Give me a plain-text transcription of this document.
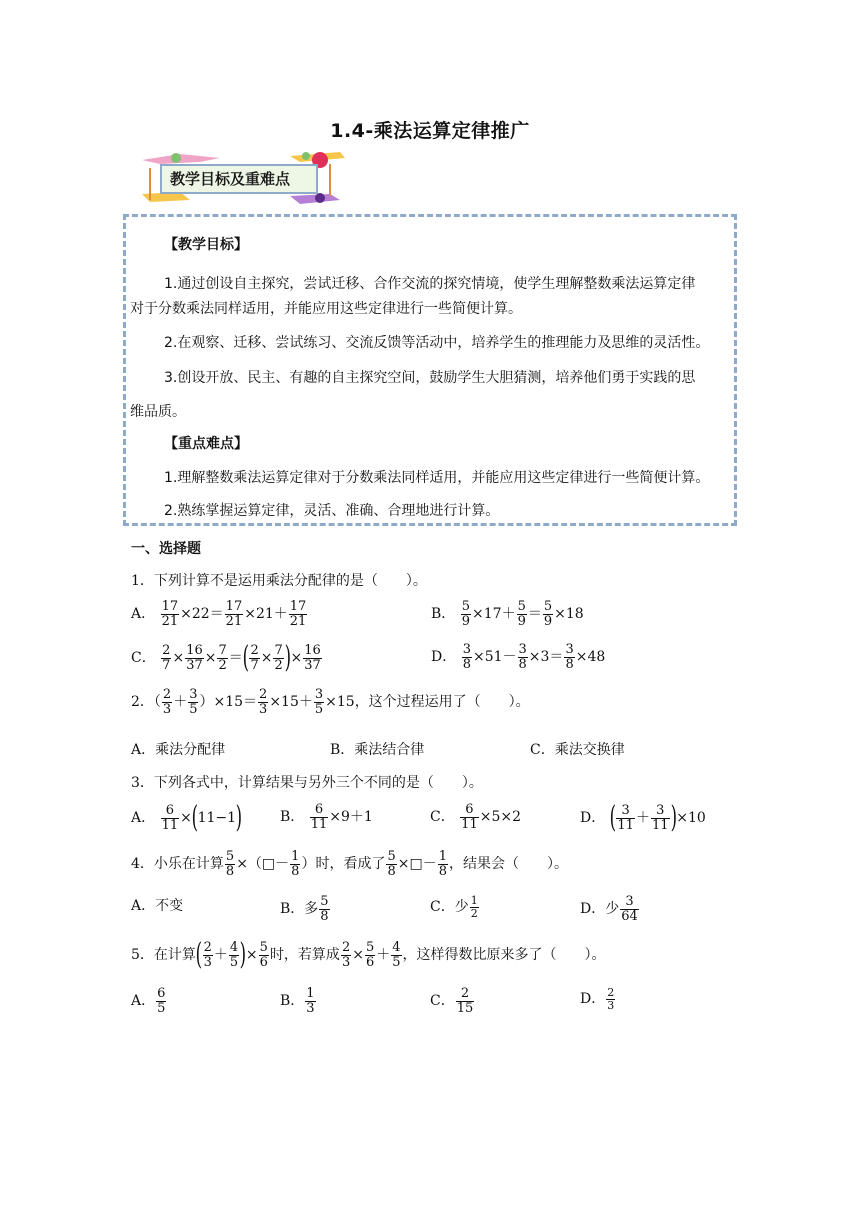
1.4-乘法运算定律推广
教学目标及重难点
【教学目标】
1.通过创设自主探究，尝试迁移、合作交流的探究情境，使学生理解整数乘法运算定律
对于分数乘法同样适用，并能应用这些定律进行一些简便计算。
2.在观察、迁移、尝试练习、交流反馈等活动中，培养学生的推理能力及思维的灵活性。
3.创设开放、民主、有趣的自主探究空间，鼓励学生大胆猜测，培养他们勇于实践的思
维品质。
【重点难点】
1.理解整数乘法运算定律对于分数乘法同样适用，并能应用这些定律进行一些简便计算。
2.熟练掌握运算定律，灵活、准确、合理地进行计算。
一、选择题
1．下列计算不是运用乘法分配律的是（　　）。
A． $\frac{17}{21} \times 22= \frac{17}{21} \times 21+ \frac{17}{21}$	B． $\frac{5}{9} \times 17+ \frac{5}{9} = \frac{5}{9} \times 18$
C． $\frac{2}{7} \times \frac{16}{37} \times \frac{7}{2}$ ＝( $\frac{2}{7} \times \frac{7}{2}$ )× $\frac{16}{37}$	D． $\frac{3}{8} \times 51- \frac{3}{8} \times 3= \frac{3}{8} \times 48$
2．（ $\frac{2}{3} + \frac{3}{5} )\times 15= \frac{2}{3} \times 15+ \frac{3}{5} \times 15$，这个过程运用了（　　）。
A．乘法分配律	B．乘法结合律	C．乘法交换律
3．下列各式中，计算结果与另外三个不同的是（　　）。
A． $\frac{6}{11} \times(11-1)$	B． $\frac{6}{11} \times 9+1$	C． $\frac{6}{11} \times 5\times 2$	D． ( $\frac{3}{11} + \frac{3}{11} )\times 10$
4．小乐在计算 $\frac{5}{8}$ ×（□－ $\frac{1}{8}$ ）时，看成了 $\frac{5}{8}$ ×□－ $\frac{1}{8}$ ，结果会（　　）。
A．不变	B．多 $\frac{5}{8}$	C．少 $\frac{1}{2}$	D．少 $\frac{3}{64}$
5．在计算( $\frac{2}{3} + \frac{4}{5}$ )× $\frac{5}{6}$ 时，若算成 $\frac{2}{3} \times \frac{5}{6} + \frac{4}{5}$ ，这样得数比原来多了（　　）。
A． $\frac{6}{5}$	B． $\frac{1}{3}$	C． $\frac{2}{15}$	D． $\frac{2}{3}$
